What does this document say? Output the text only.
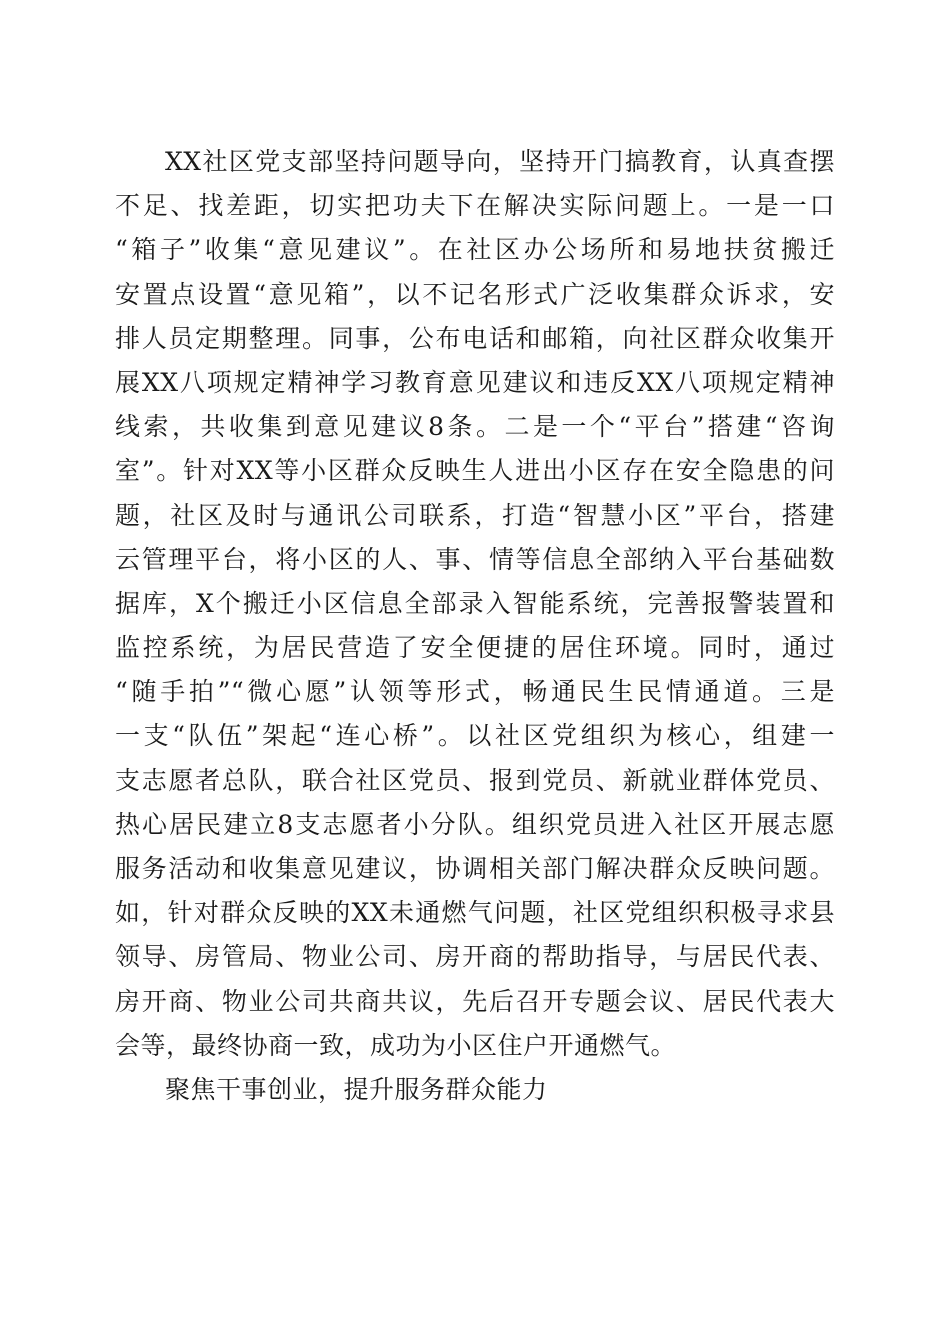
XX社区党支部坚持问题导向，坚持开门搞教育，认真查摆
不足、找差距，切实把功夫下在解决实际问题上。一是一口
“箱子”收集“意见建议”。在社区办公场所和易地扶贫搬迁
安置点设置“意见箱”，以不记名形式广泛收集群众诉求，安
排人员定期整理。同事，公布电话和邮箱，向社区群众收集开
展XX八项规定精神学习教育意见建议和违反XX八项规定精神
线索，共收集到意见建议8条。二是一个“平台”搭建“咨询
室”。针对XX等小区群众反映生人进出小区存在安全隐患的问
题，社区及时与通讯公司联系，打造“智慧小区”平台，搭建
云管理平台，将小区的人、事、情等信息全部纳入平台基础数
据库，X个搬迁小区信息全部录入智能系统，完善报警装置和
监控系统，为居民营造了安全便捷的居住环境。同时，通过
“随手拍”“微心愿”认领等形式，畅通民生民情通道。三是
一支“队伍”架起“连心桥”。以社区党组织为核心，组建一
支志愿者总队，联合社区党员、报到党员、新就业群体党员、
热心居民建立8支志愿者小分队。组织党员进入社区开展志愿
服务活动和收集意见建议，协调相关部门解决群众反映问题。
如，针对群众反映的XX未通燃气问题，社区党组织积极寻求县
领导、房管局、物业公司、房开商的帮助指导，与居民代表、
房开商、物业公司共商共议，先后召开专题会议、居民代表大
会等，最终协商一致，成功为小区住户开通燃气。
聚焦干事创业，提升服务群众能力
